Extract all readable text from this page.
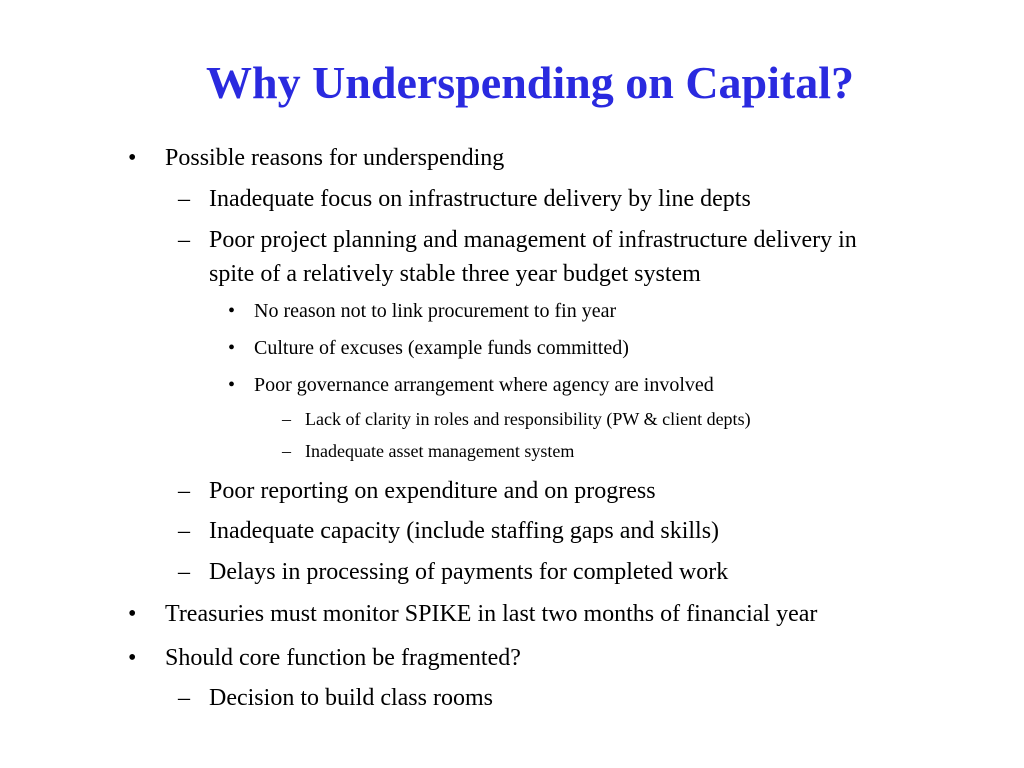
Why Underspending on Capital?
• Possible reasons for underspending
– Inadequate focus on infrastructure delivery by line depts
– Poor project planning and management of infrastructure delivery in
spite of a relatively stable three year budget system
• No reason not to link procurement to fin year
• Culture of excuses (example funds committed)
• Poor governance arrangement where agency are involved
– Lack of clarity in roles and responsibility (PW & client depts)
– Inadequate asset management system
– Poor reporting on expenditure and on progress
– Inadequate capacity (include staffing gaps and skills)
– Delays in processing of payments for completed work
• Treasuries must monitor SPIKE in last two months of financial year
• Should core function be fragmented?
– Decision to build class rooms
